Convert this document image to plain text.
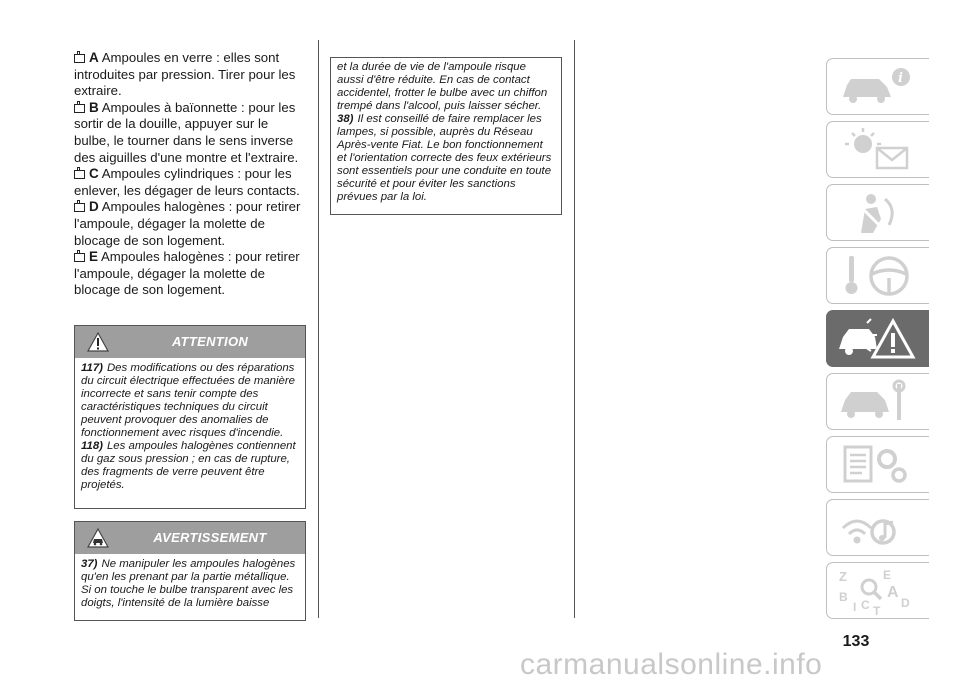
A Ampoules en verre : elles sont introduites par pression. Tirer pour les extraire.

B Ampoules à baïonnette : pour les sortir de la douille, appuyer sur le bulbe, le tourner dans le sens inverse des aiguilles d'une montre et l'extraire.

C Ampoules cylindriques : pour les enlever, les dégager de leurs contacts.

D Ampoules halogènes : pour retirer l'ampoule, dégager la molette de blocage de son logement.

E Ampoules halogènes : pour retirer l'ampoule, dégager la molette de blocage de son logement.

ATTENTION

117) Des modifications ou des réparations du circuit électrique effectuées de manière incorrecte et sans tenir compte des caractéristiques techniques du circuit peuvent provoquer des anomalies de fonctionnement avec risques d'incendie.

118) Les ampoules halogènes contiennent du gaz sous pression ; en cas de rupture, des fragments de verre peuvent être projetés.

AVERTISSEMENT

37) Ne manipuler les ampoules halogènes qu'en les prenant par la partie métallique. Si on touche le bulbe transparent avec les doigts, l'intensité de la lumière baisse

et la durée de vie de l'ampoule risque aussi d'être réduite. En cas de contact accidentel, frotter le bulbe avec un chiffon trempé dans l'alcool, puis laisser sécher.

38) Il est conseillé de faire remplacer les lampes, si possible, auprès du Réseau Après-vente Fiat. Le bon fonctionnement et l'orientation correcte des feux extérieurs sont essentiels pour une conduite en toute sécurité et pour éviter les sanctions prévues par la loi.

i
Z	E
B A
I C T
D
133
carmanualsonline.info
